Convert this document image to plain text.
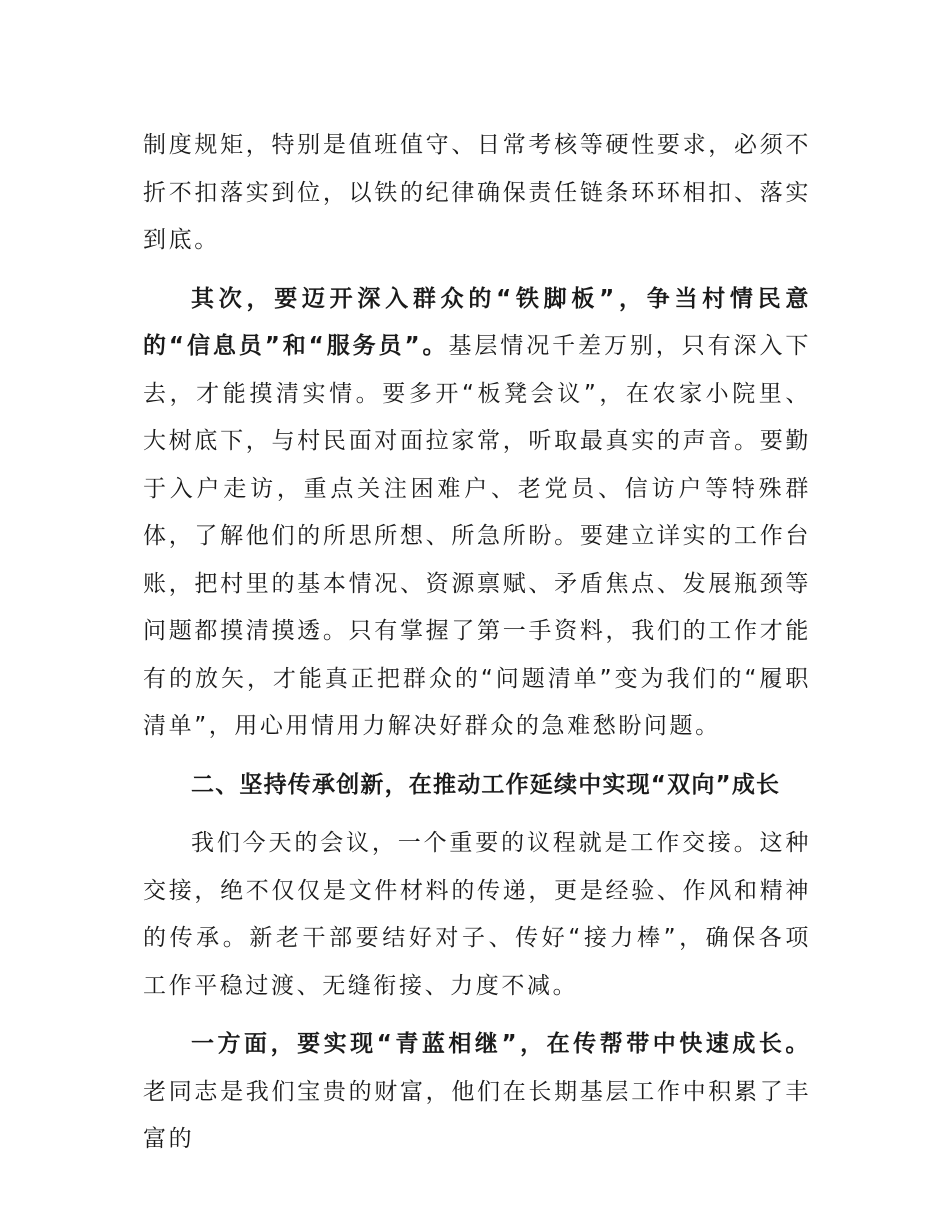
制度规矩，特别是值班值守、日常考核等硬性要求，必须不折不扣落实到位，以铁的纪律确保责任链条环环相扣、落实到底。

其次，要迈开深入群众的“铁脚板”，争当村情民意的“信息员”和“服务员”。基层情况千差万别，只有深入下去，才能摸清实情。要多开“板凳会议”，在农家小院里、大树底下，与村民面对面拉家常，听取最真实的声音。要勤于入户走访，重点关注困难户、老党员、信访户等特殊群体，了解他们的所思所想、所急所盼。要建立详实的工作台账，把村里的基本情况、资源禀赋、矛盾焦点、发展瓶颈等问题都摸清摸透。只有掌握了第一手资料，我们的工作才能有的放矢，才能真正把群众的“问题清单”变为我们的“履职清单”，用心用情用力解决好群众的急难愁盼问题。

二、坚持传承创新，在推动工作延续中实现“双向”成长

我们今天的会议，一个重要的议程就是工作交接。这种交接，绝不仅仅是文件材料的传递，更是经验、作风和精神的传承。新老干部要结好对子、传好“接力棒”，确保各项工作平稳过渡、无缝衔接、力度不减。

一方面，要实现“青蓝相继”，在传帮带中快速成长。老同志是我们宝贵的财富，他们在长期基层工作中积累了丰富的
